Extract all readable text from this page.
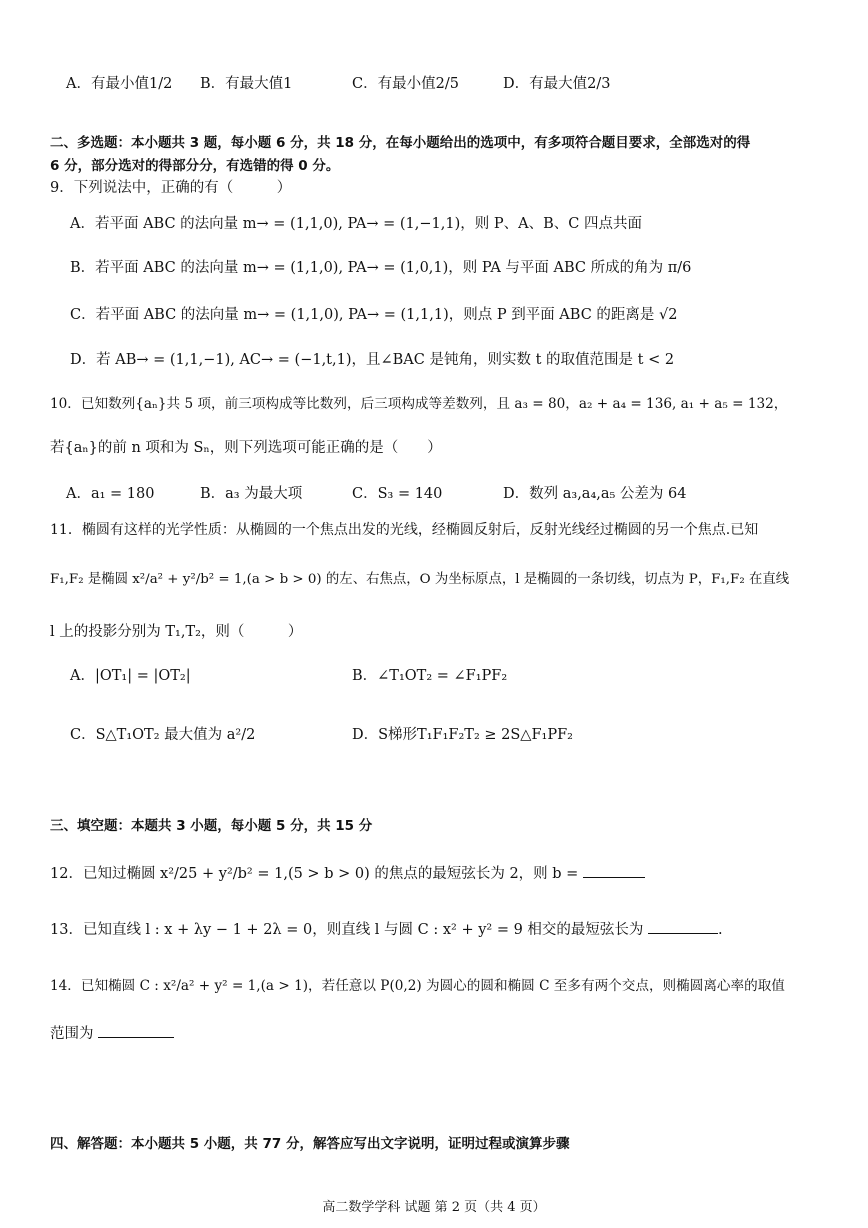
A．有最小值1/2	B．有最大值1	C．有最小值2/5	D．有最大值2/3
二、多选题：本小题共 3 题，每小题 6 分，共 18 分，在每小题给出的选项中，有多项符合题目要求，全部选对的得
6 分，部分选对的得部分分，有选错的得 0 分。
9．下列说法中，正确的有（　　　）
A．若平面 ABC 的法向量 m→ = (1,1,0), PA→ = (1,−1,1)，则 P、A、B、C 四点共面
B．若平面 ABC 的法向量 m→ = (1,1,0), PA→ = (1,0,1)，则 PA 与平面 ABC 所成的角为 π/6
C．若平面 ABC 的法向量 m→ = (1,1,0), PA→ = (1,1,1)，则点 P 到平面 ABC 的距离是 √2
D．若 AB→ = (1,1,−1), AC→ = (−1,t,1)，且∠BAC 是钝角，则实数 t 的取值范围是 t < 2
10．已知数列{aₙ}共 5 项，前三项构成等比数列，后三项构成等差数列，且 a₃ = 80，a₂ + a₄ = 136, a₁ + a₅ = 132，
若{aₙ}的前 n 项和为 Sₙ，则下列选项可能正确的是（　　）
A．a₁ = 180	B．a₃ 为最大项	C．S₃ = 140	D．数列 a₃,a₄,a₅ 公差为 64
11．椭圆有这样的光学性质：从椭圆的一个焦点出发的光线，经椭圆反射后，反射光线经过椭圆的另一个焦点.已知
F₁,F₂ 是椭圆 x²/a² + y²/b² = 1,(a > b > 0) 的左、右焦点，O 为坐标原点，l 是椭圆的一条切线，切点为 P，F₁,F₂ 在直线
l 上的投影分别为 T₁,T₂，则（　　　）
A．|OT₁| = |OT₂|	B．∠T₁OT₂ = ∠F₁PF₂
C．S△T₁OT₂ 最大值为 a²/2	D．S梯形T₁F₁F₂T₂ ≥ 2S△F₁PF₂
三、填空题：本题共 3 小题，每小题 5 分，共 15 分
12．已知过椭圆 x²/25 + y²/b² = 1,(5 > b > 0) 的焦点的最短弦长为 2，则 b =
13．已知直线 l : x + λy − 1 + 2λ = 0，则直线 l 与圆 C : x² + y² = 9 相交的最短弦长为	.
14．已知椭圆 C : x²/a² + y² = 1,(a > 1)，若任意以 P(0,2) 为圆心的圆和椭圆 C 至多有两个交点，则椭圆离心率的取值
范围为
四、解答题：本小题共 5 小题，共 77 分，解答应写出文字说明，证明过程或演算步骤
高二数学学科 试题 第 2 页（共 4 页）
